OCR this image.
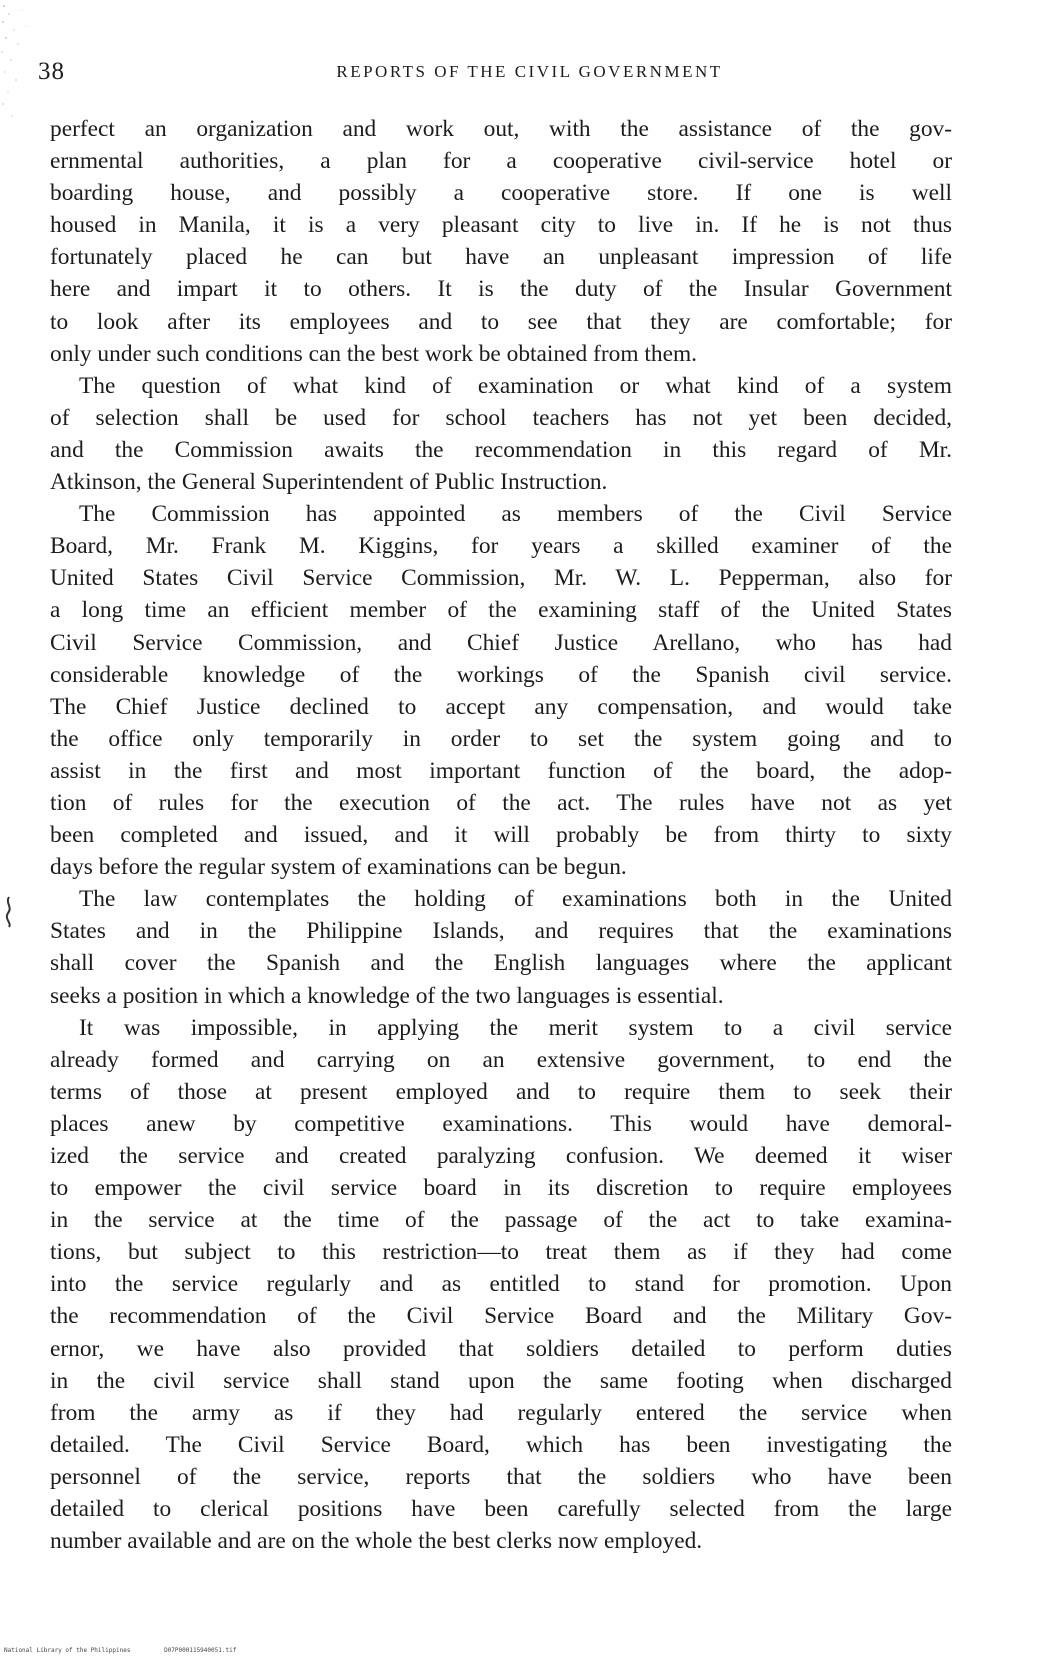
38	REPORTS OF THE CIVIL GOVERNMENT
perfect an organization and work out, with the assistance of the gov-
ernmental authorities, a plan for a cooperative civil-service hotel or
boarding house, and possibly a cooperative store. If one is well
housed in Manila, it is a very pleasant city to live in. If he is not thus
fortunately placed he can but have an unpleasant impression of life
here and impart it to others. It is the duty of the Insular Government
to look after its employees and to see that they are comfortable; for
only under such conditions can the best work be obtained from them.
The question of what kind of examination or what kind of a system
of selection shall be used for school teachers has not yet been decided,
and the Commission awaits the recommendation in this regard of Mr.
Atkinson, the General Superintendent of Public Instruction.
The Commission has appointed as members of the Civil Service
Board, Mr. Frank M. Kiggins, for years a skilled examiner of the
United States Civil Service Commission, Mr. W. L. Pepperman, also for
a long time an efficient member of the examining staff of the United States
Civil Service Commission, and Chief Justice Arellano, who has had
considerable knowledge of the workings of the Spanish civil service.
The Chief Justice declined to accept any compensation, and would take
the office only temporarily in order to set the system going and to
assist in the first and most important function of the board, the adop-
tion of rules for the execution of the act. The rules have not as yet
been completed and issued, and it will probably be from thirty to sixty
days before the regular system of examinations can be begun.
The law contemplates the holding of examinations both in the United
States and in the Philippine Islands, and requires that the examinations
shall cover the Spanish and the English languages where the applicant
seeks a position in which a knowledge of the two languages is essential.
It was impossible, in applying the merit system to a civil service
already formed and carrying on an extensive government, to end the
terms of those at present employed and to require them to seek their
places anew by competitive examinations. This would have demoral-
ized the service and created paralyzing confusion. We deemed it wiser
to empower the civil service board in its discretion to require employees
in the service at the time of the passage of the act to take examina-
tions, but subject to this restriction—to treat them as if they had come
into the service regularly and as entitled to stand for promotion. Upon
the recommendation of the Civil Service Board and the Military Gov-
ernor, we have also provided that soldiers detailed to perform duties
in the civil service shall stand upon the same footing when discharged
from the army as if they had regularly entered the service when
detailed. The Civil Service Board, which has been investigating the
personnel of the service, reports that the soldiers who have been
detailed to clerical positions have been carefully selected from the large
number available and are on the whole the best clerks now employed.
National Library of the Philippines	D07P000115940051.tif
